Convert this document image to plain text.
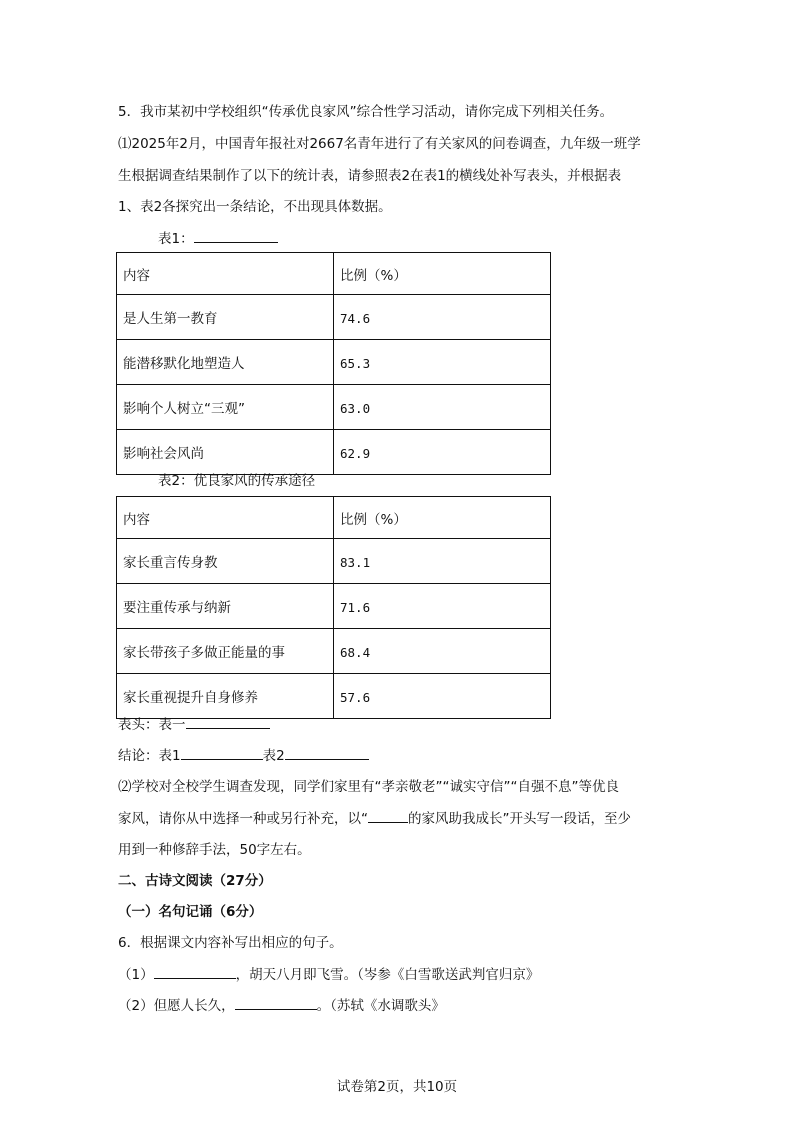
5．我市某初中学校组织“传承优良家风”综合性学习活动，请你完成下列相关任务。
⑴2025年2月，中国青年报社对2667名青年进行了有关家风的问卷调查，九年级一班学
生根据调查结果制作了以下的统计表，请参照表2在表1的横线处补写表头，并根据表
1、表2各探究出一条结论，不出现具体数据。
表1：
内容	比例（%）
是人生第一教育	74.6
能潜移默化地塑造人	65.3
影响个人树立“三观”	63.0
影响社会风尚	62.9
表2：优良家风的传承途径
内容	比例（%）
家长重言传身教	83.1
要注重传承与纳新	71.6
家长带孩子多做正能量的事	68.4
家长重视提升自身修养	57.6
表头：表一
结论：表1	表2
⑵学校对全校学生调查发现，同学们家里有“孝亲敬老”“诚实守信”“自强不息”等优良
家风，请你从中选择一种或另行补充，以“	的家风助我成长”开头写一段话，至少
用到一种修辞手法，50字左右。
二、古诗文阅读（27分）
（一）名句记诵（6分）
6．根据课文内容补写出相应的句子。
（1）	，胡天八月即飞雪。（岑参《白雪歌送武判官归京》
（2）但愿人长久，	。（苏轼《水调歌头》
试卷第2页，共10页
